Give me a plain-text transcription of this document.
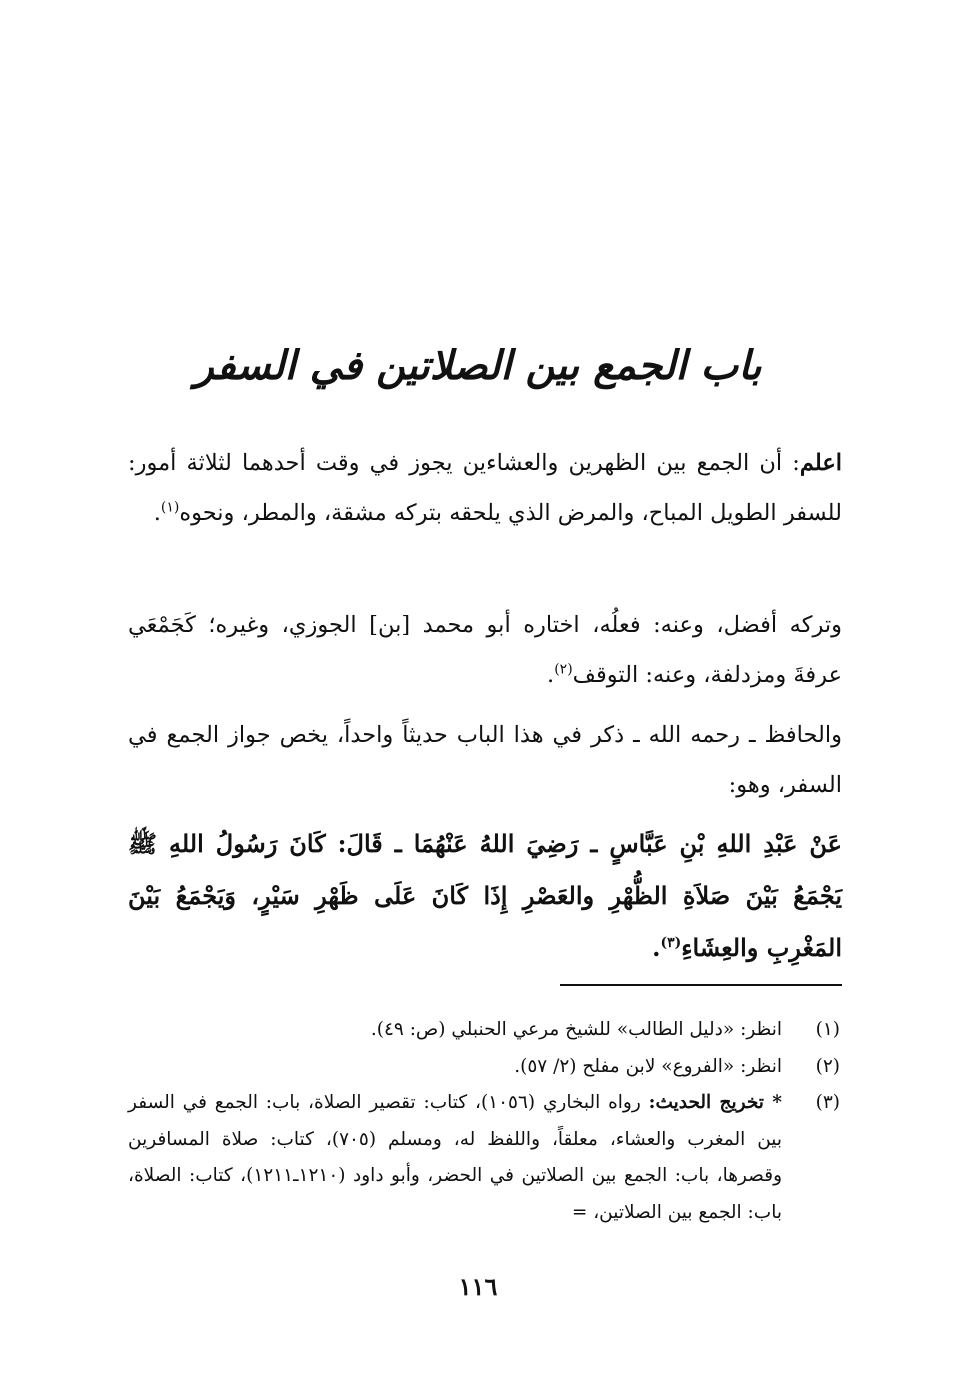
باب الجمع بين الصلاتين في السفر

اعلم: أن الجمع بين الظهرين والعشاءين يجوز في وقت أحدهما لثلاثة أمور: للسفر الطويل المباح، والمرض الذي يلحقه بتركه مشقة، والمطر، ونحوه$^{(١)}$.

وتركه أفضل، وعنه: فعلُه، اختاره أبو محمد [بن] الجوزي، وغيره؛ كَجَمْعَي عرفةَ ومزدلفة، وعنه: التوقف$^{(٢)}$.

والحافظ ـ رحمه الله ـ ذكر في هذا الباب حديثاً واحداً، يخص جواز الجمع في السفر، وهو:

عَنْ عَبْدِ اللهِ بْنِ عَبَّاسٍ ـ رَضِيَ اللهُ عَنْهُمَا ـ قَالَ: كَانَ رَسُولُ اللهِ ﷺ يَجْمَعُ بَيْنَ صَلاَةِ الظُّهْرِ والعَصْرِ إِذَا كَانَ عَلَى ظَهْرِ سَيْرٍ، وَيَجْمَعُ بَيْنَ المَغْرِبِ والعِشَاءِ$^{(٣)}$.

(١)
انظر: «دليل الطالب» للشيخ مرعي الحنبلي (ص: ٤٩).
(٢)
انظر: «الفروع» لابن مفلح (٢/ ٥٧).
(٣)
* تخريج الحديث: رواه البخاري (١٠٥٦)، كتاب: تقصير الصلاة، باب: الجمع في السفر بين المغرب والعشاء، معلقاً، واللفظ له، ومسلم (٧٠٥)، كتاب: صلاة المسافرين وقصرها، باب: الجمع بين الصلاتين في الحضر، وأبو داود (١٢١٠ـ١٢١١)، كتاب: الصلاة، باب: الجمع بين الصلاتين، =
١١٦
